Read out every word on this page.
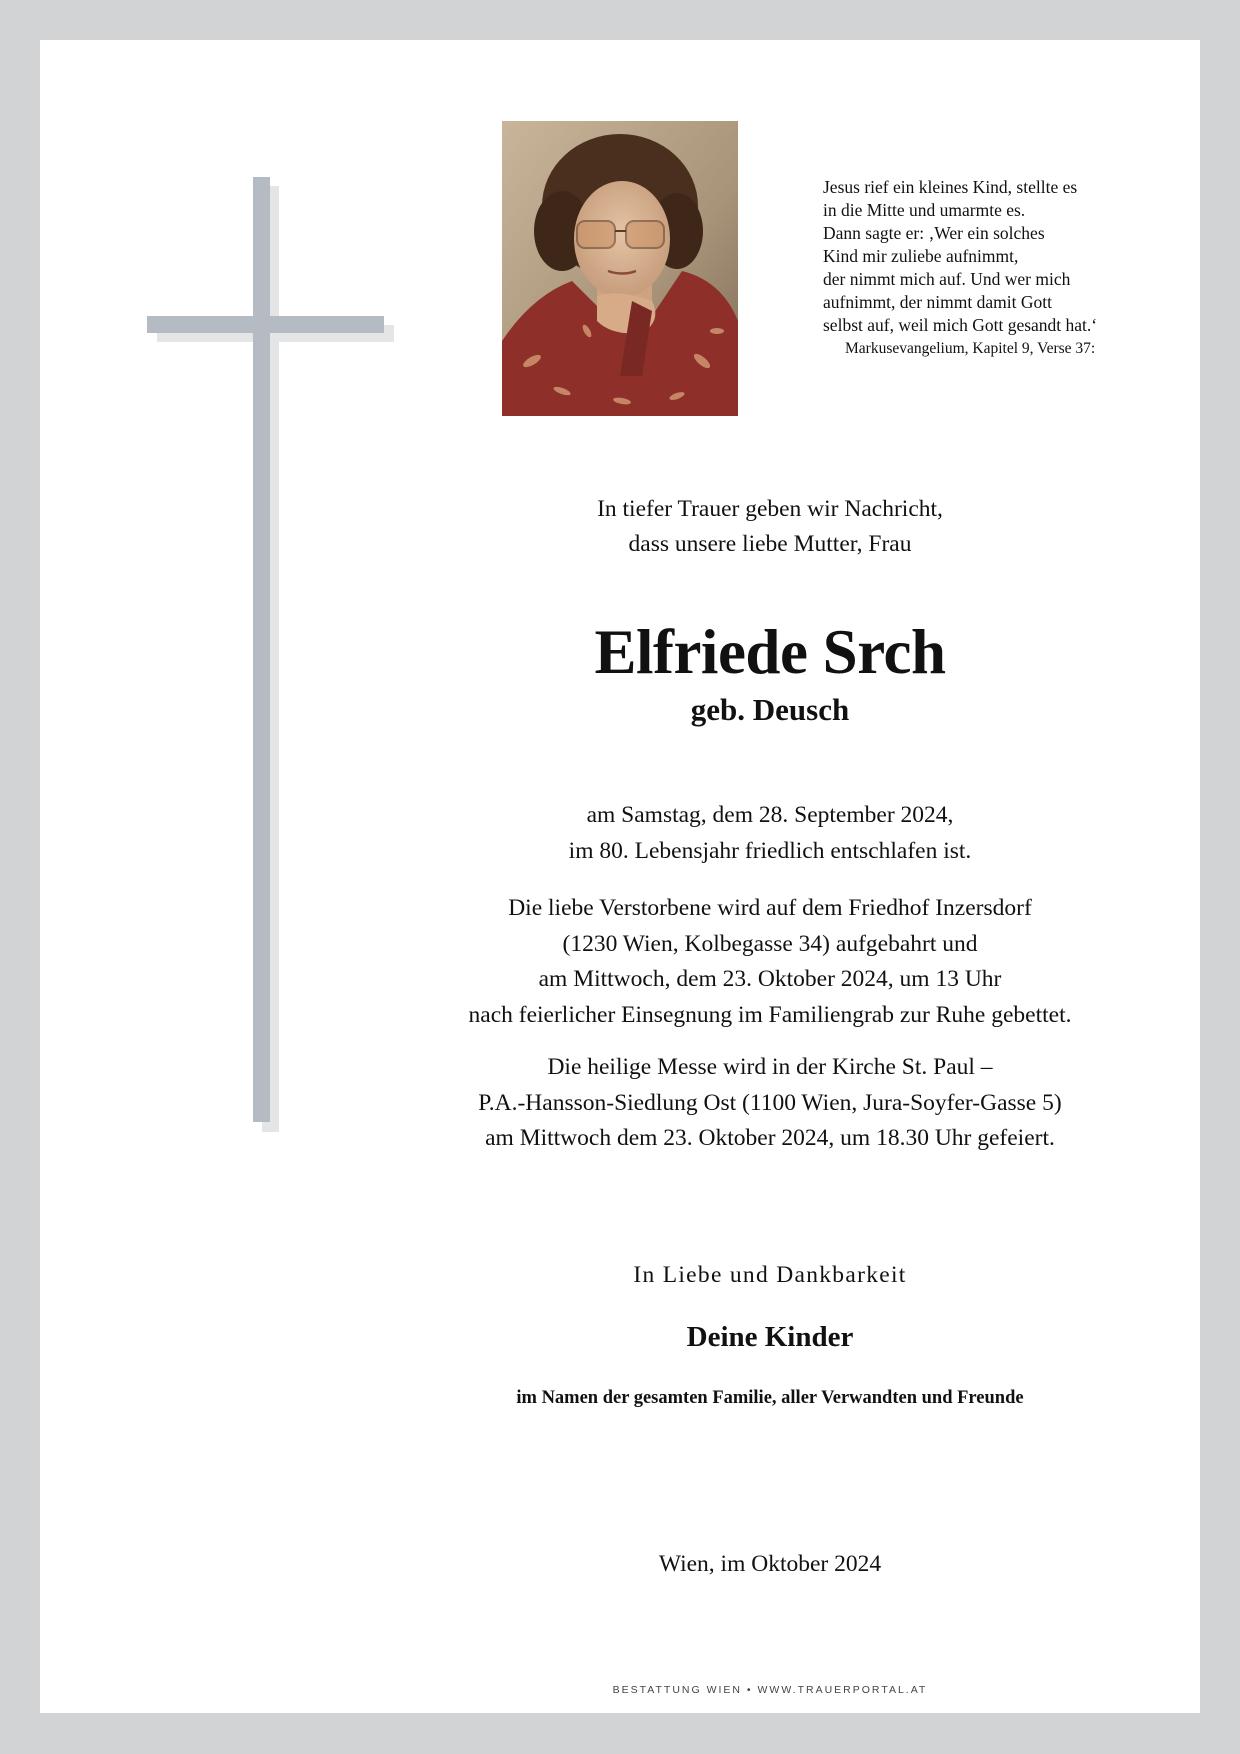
Jesus rief ein kleines Kind, stellte es
in die Mitte und umarmte es.
Dann sagte er: ‚Wer ein solches
Kind mir zuliebe aufnimmt,
der nimmt mich auf. Und wer mich
aufnimmt, der nimmt damit Gott
selbst auf, weil mich Gott gesandt hat.‘
Markusevangelium, Kapitel 9, Verse 37:
In tiefer Trauer geben wir Nachricht,
dass unsere liebe Mutter, Frau
Elfriede Srch
geb. Deusch
am Samstag, dem 28. September 2024,
im 80. Lebensjahr friedlich entschlafen ist.
Die liebe Verstorbene wird auf dem Friedhof Inzersdorf
(1230 Wien, Kolbegasse 34) aufgebahrt und
am Mittwoch, dem 23. Oktober 2024, um 13 Uhr
nach feierlicher Einsegnung im Familiengrab zur Ruhe gebettet.
Die heilige Messe wird in der Kirche St. Paul –
P.A.-Hansson-Siedlung Ost (1100 Wien, Jura-Soyfer-Gasse 5)
am Mittwoch dem 23. Oktober 2024, um 18.30 Uhr gefeiert.
In Liebe und Dankbarkeit
Deine Kinder
im Namen der gesamten Familie, aller Verwandten und Freunde
Wien, im Oktober 2024
BESTATTUNG WIEN • WWW.TRAUERPORTAL.AT
